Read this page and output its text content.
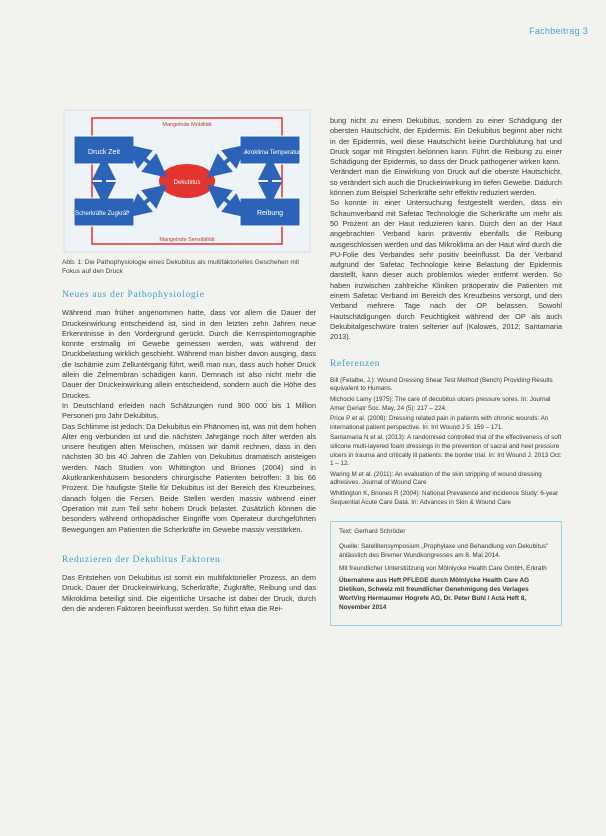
Fachbeitrag 3
Mangelnde Mobilität
Mangelnde Sensibilität
Druck Zeit	Mikroklima Temperatur
Scherkräfte Zugkräfte	Reibung
Dekubitus
Abb. 1: Die Pathophysiologie eines Dekubitus als multifaktorielles Geschehen mit Fokus auf den Druck
Neues aus der Pathophysiologie

Während man früher angenommen hatte, dass vor allem die Dauer der Druckeinwirkung entscheidend ist, sind in den letzten zehn Jahren neue Erkenntnisse in den Vordergrund gerückt. Durch die Kernspintomographie konnte erstmalig im Gewebe gemessen werden, was während der Druckbelastung wirklich geschieht. Während man bisher davon ausging, dass die Ischämie zum Zelluntergang führt, weiß man nun, dass auch hoher Druck allein die Zelmembran schädigen kann. Demnach ist also nicht mehr die Dauer der Druckeinwirkung allein entscheidend, sondern auch die Höhe des Druckes.

In Deutschland erleiden nach Schätzungen rund 900 000 bis 1 Million Personen pro Jahr Dekubitus.

Das Schlimme ist jedoch: Da Dekubitus ein Phänomen ist, was mit dem hohen Alter eng verbunden ist und die nächsten Jahrgänge noch älter werden als unsere heutigen alten Menschen, müssen wir damit rechnen, dass in den nächsten 30 bis 40 Jahren die Zahlen von Dekubitus dramatisch ansteigen werden. Nach Studien von Whittington und Briones (2004) sind in Akutkrankenhäusern besonders chirurgische Patienten betroffen: 3 bis 66 Prozent. Die häufigste Stelle für Dekubitus ist der Bereich des Kreuzbeines, danach folgen die Fersen. Beide Stellen werden massiv während einer Operation mit zum Teil sehr hohem Druck belastet. Zusätzlich können die besonders während orthopädischer Eingriffe vom Operateur durchgeführten Bewegungen am Patienten die Scherkräfte im Gewebe massiv verstärken.

Reduzieren der Dekubitus Faktoren

Das Entstehen von Dekubitus ist somit ein multifaktorieller Prozess, an dem Druck, Dauer der Druckeinwirkung, Scherkräfte, Zugkräfte, Reibung und das Mikroklima beteiligt sind. Die eigentliche Ursache ist dabei der Druck, durch den die anderen Faktoren beeinflusst werden. So führt etwa die Rei-

bung nicht zu einem Dekubitus, sondern zu einer Schädigung der obersten Hautschicht, der Epidermis. Ein Dekubitus beginnt aber nicht in der Epidermis, weil diese Hautschicht keine Durchblutung hat und Druck sogar mit Ringsten belonnen kann. Führt die Reibung zu einer Schädigung der Epidermis, so dass der Druck pathogener wirken kann.

Verändert man die Einwirkung von Druck auf die oberste Hautschicht, so verändert sich auch die Druckeinwirkung im tiefen Gewebe. Dadurch können zum Beispiel Scherkräfte sehr effektiv reduziert werden.

So konnte in einer Untersuchung festgestellt werden, dass ein Schaumverband mit Safetac Technologie die Scherkräfte um mehr als 50 Prozent an der Haut reduzieren kann. Durch den an der Haut angebrachten Verband kann präventiv ebenfalls die Reibung ausgeschlossen werden und das Mikroklima an der Haut wird durch die PU-Folie des Verbandes sehr positiv beeinflusst. Da der Verband aufgrund der Safetac Technologie keine Belastung der Epidermis darstellt, kann dieser auch problemlos wieder entfernt werden. So haben inzwischen zahlreiche Kliniken präoperativ die Patienten mit einem Safetac Verband im Bereich des Kreuzbeins versorgt, und den Verband mehrere Tage nach der OP belassen. Sowohl Hautschädigungen durch Feuchtigkeit während der OP als auch Dekubitalgeschwüre traten seltener auf (Kalowes, 2012; Santamaria 2013).

Referenzen

Bill (Fetalbe, J.): Wound Dressing Shear Test Method (Bench) Providing Results equivalent to Humans.

Michocki Lamy (1975): The care of decubitus ulcers pressure sores. In: Journal Amer Geriatr Soc. May, 24 (5): 217 – 224.

Price P et al. (2008): Dressing related pain in patients with chronic wounds: An international patient perspective. In: Int Wound J 5: 159 – 171.

Santamaria N et al. (2013): A randomised controlled trial of the effectiveness of soft silicone multi-layered foam dressings in the prevention of sacral and heel pressure ulcers in trauma and critically ill patients: the border trial. In: Int Wound J. 2013 Oct: 1 – 12.

Waring M et al. (2011): An evaluation of the skin stripping of wound dressing adhesives. Journal of Wound Care

Whittington K, Briones R (2004): National Prevalence and incidence Study: 6-year Sequential Acute Care Data. In: Advances in Skin & Wound Care

Text: Gerhard Schröder

Quelle: Satellitensymposium „Prophylaxe und Behandlung von Dekubitus" anlässlich des Bremer Wundkongresses am 8. Mai 2014.

Mit freundlicher Unterstützung von Mölnlycke Health Care GmbH, Erkrath

Übernahme aus Heft PFLEGE durch Mölnlycke Health Care AG Dietikon, Schweiz mit freundlicher Genehmigung des Verlages WortVirg Hermaumer Hogrefe AG, Dr. Peter Buhl / Acta Heft 8, November 2014
